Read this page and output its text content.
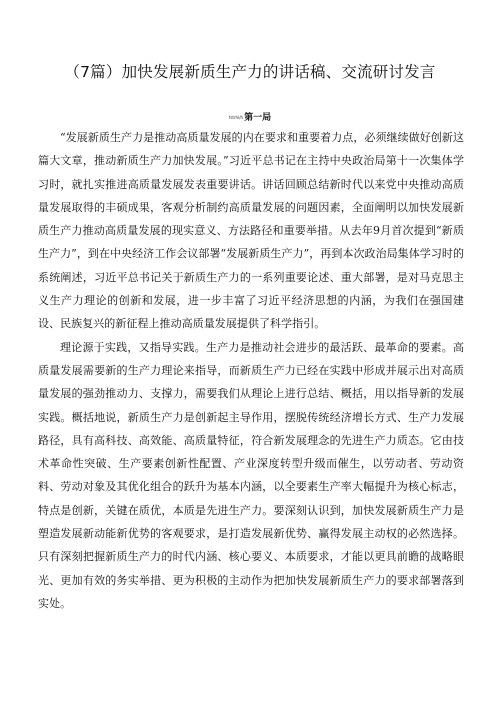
（7篇）加快发展新质生产力的讲话稿、交流研讨发言
fstrhl/h第一局

“发展新质生产力是推动高质量发展的内在要求和重要着力点，必须继续做好创新这篇大文章，推动新质生产力加快发展。”习近平总书记在主持中央政治局第十一次集体学习时，就扎实推进高质量发展发表重要讲话。讲话回顾总结新时代以来党中央推动高质量发展取得的丰硕成果，客观分析制约高质量发展的问题因素，全面阐明以加快发展新质生产力推动高质量发展的现实意义、方法路径和重要举措。从去年9月首次提到“新质生产力”，到在中央经济工作会议部署“发展新质生产力”，再到本次政治局集体学习时的系统阐述，习近平总书记关于新质生产力的一系列重要论述、重大部署，是对马克思主义生产力理论的创新和发展，进一步丰富了习近平经济思想的内涵，为我们在强国建设、民族复兴的新征程上推动高质量发展提供了科学指引。

理论源于实践，又指导实践。生产力是推动社会进步的最活跃、最革命的要素。高质量发展需要新的生产力理论来指导，而新质生产力已经在实践中形成并展示出对高质量发展的强劲推动力、支撑力，需要我们从理论上进行总结、概括，用以指导新的发展实践。概括地说，新质生产力是创新起主导作用，摆脱传统经济增长方式、生产力发展路径，具有高科技、高效能、高质量特征，符合新发展理念的先进生产力质态。它由技术革命性突破、生产要素创新性配置、产业深度转型升级而催生，以劳动者、劳动资料、劳动对象及其优化组合的跃升为基本内涵，以全要素生产率大幅提升为核心标志，特点是创新，关键在质优，本质是先进生产力。要深刻认识到，加快发展新质生产力是塑造发展新动能新优势的客观要求，是打造发展新优势、赢得发展主动权的必然选择。只有深刻把握新质生产力的时代内涵、核心要义、本质要求，才能以更具前瞻的战略眼光、更加有效的务实举措、更为积极的主动作为把加快发展新质生产力的要求部署落到实处。
